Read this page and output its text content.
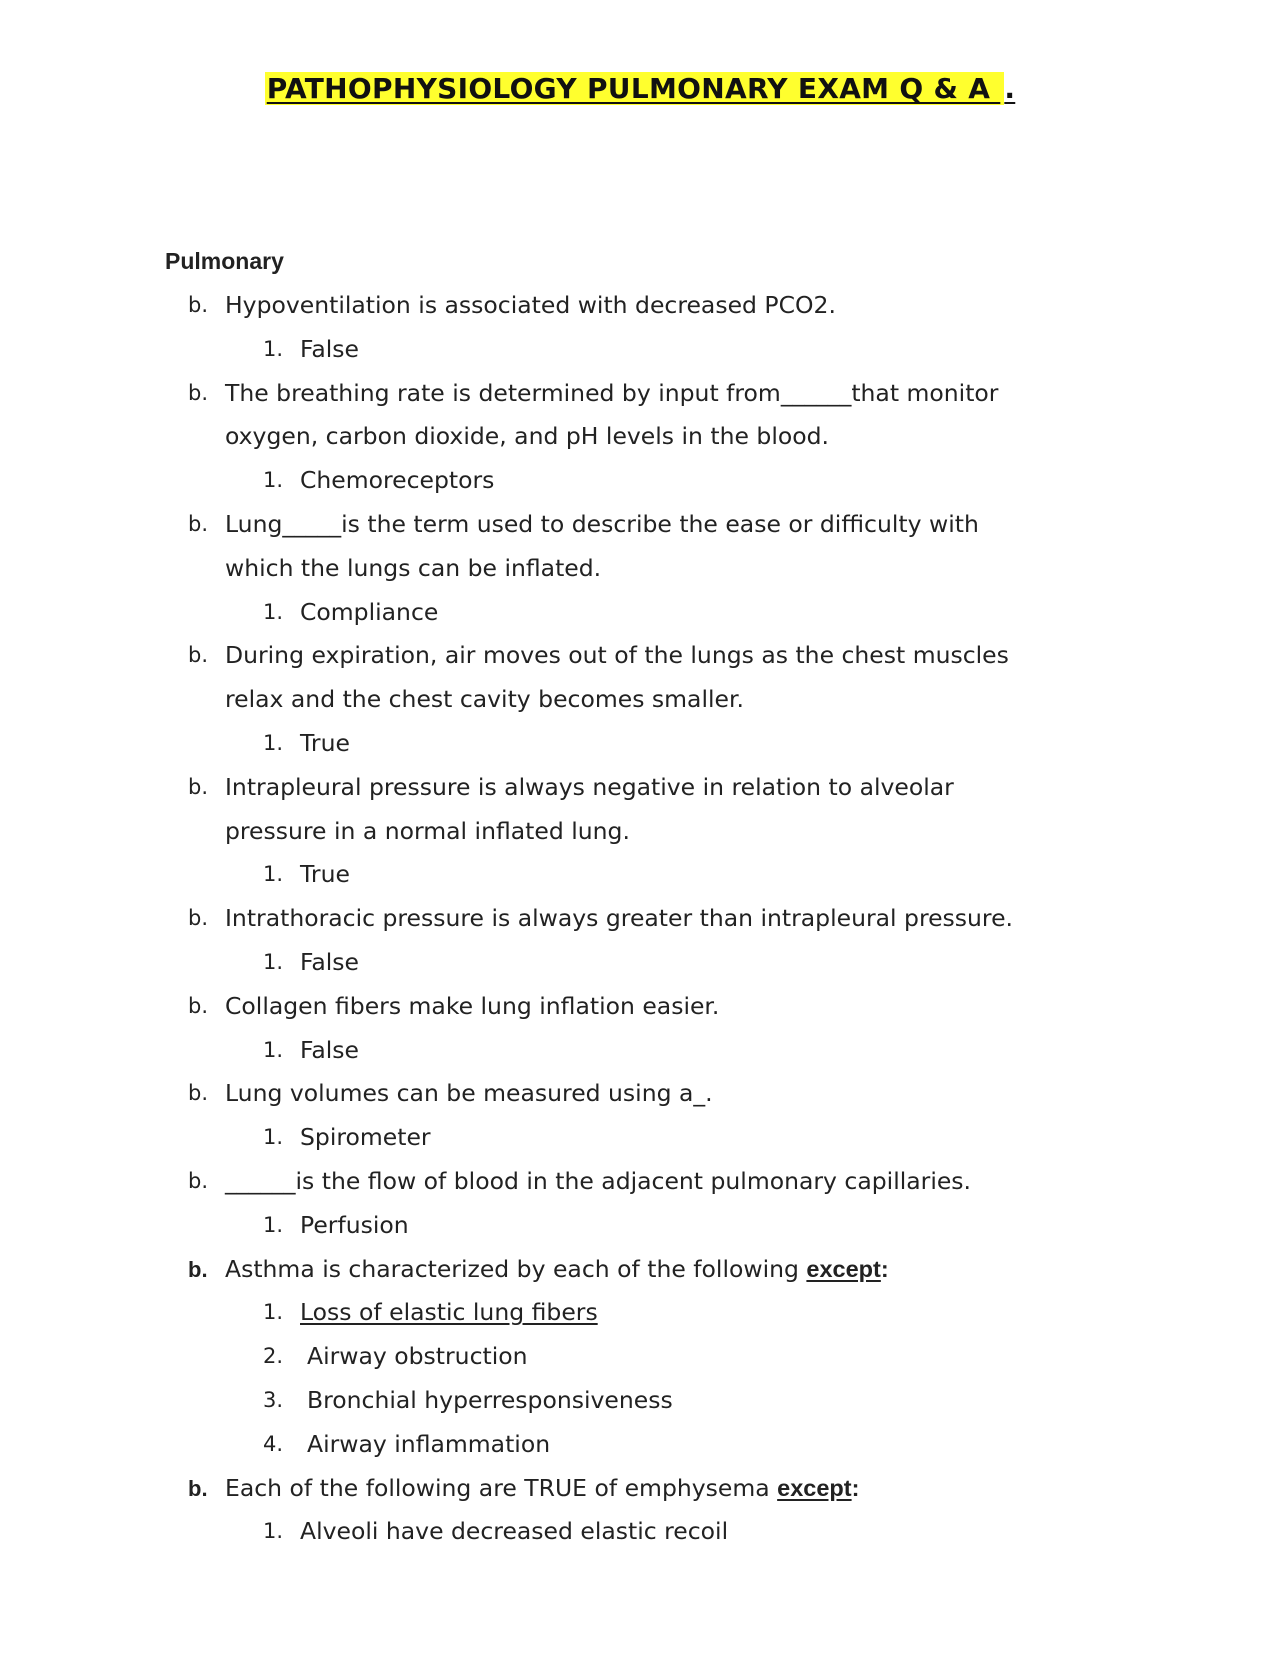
PATHOPHYSIOLOGY PULMONARY EXAM Q & A .
Pulmonary
b. Hypoventilation is associated with decreased PCO2.
1. False
b. The breathing rate is determined by input from______that monitor
oxygen, carbon dioxide, and pH levels in the blood.
1. Chemoreceptors
b. Lung_____is the term used to describe the ease or difficulty with
which the lungs can be inflated.
1. Compliance
b. During expiration, air moves out of the lungs as the chest muscles
relax and the chest cavity becomes smaller.
1. True
b. Intrapleural pressure is always negative in relation to alveolar
pressure in a normal inflated lung.
1. True
b. Intrathoracic pressure is always greater than intrapleural pressure.
1. False
b. Collagen fibers make lung inflation easier.
1. False
b. Lung volumes can be measured using a_.
1. Spirometer
b. ______is the flow of blood in the adjacent pulmonary capillaries.
1. Perfusion
b. Asthma is characterized by each of the following except:
1. Loss of elastic lung fibers
2. Airway obstruction
3. Bronchial hyperresponsiveness
4. Airway inflammation
b. Each of the following are TRUE of emphysema except:
1. Alveoli have decreased elastic recoil
